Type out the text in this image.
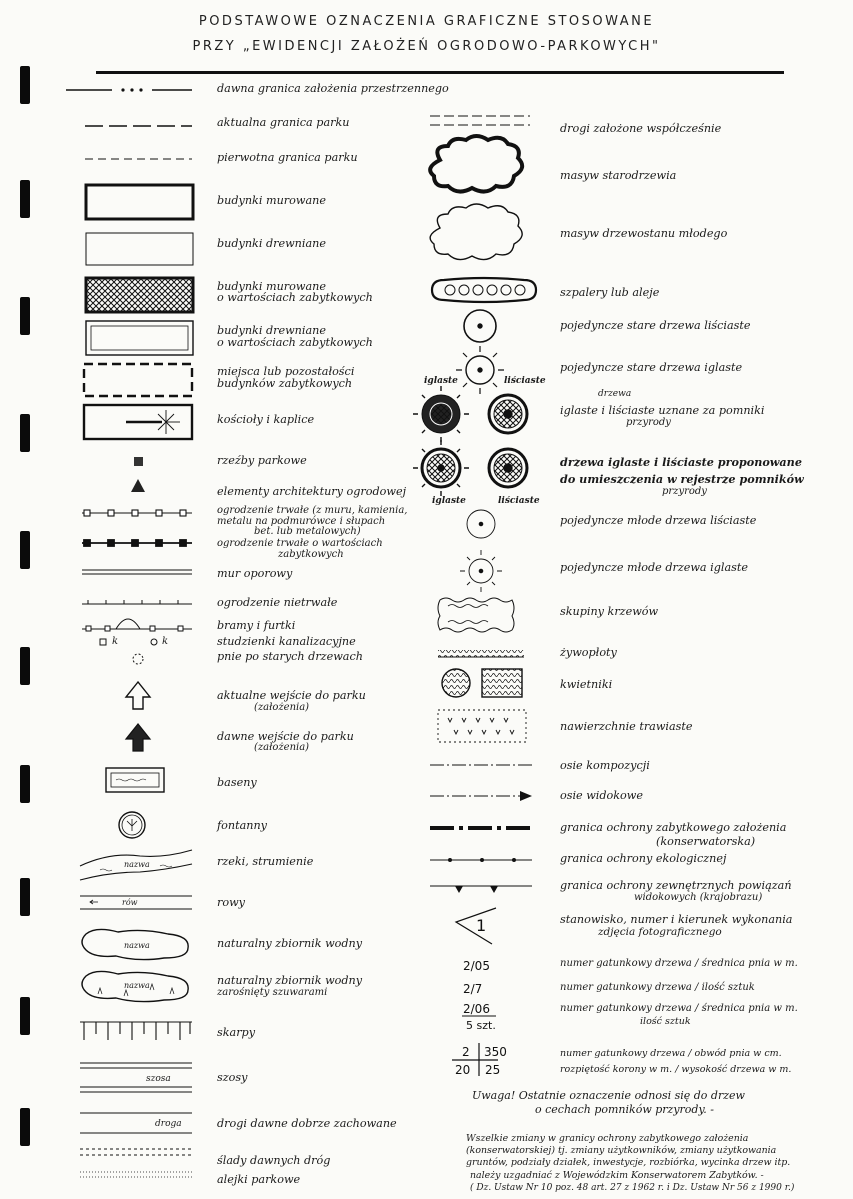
PODSTAWOWE OZNACZENIA GRAFICZNE STOSOWANE
PRZY „EWIDENCJI ZAŁOŻEŃ OGRODOWO-PARKOWYCH"
szosa
droga
nazwa
rów
nazwa
nazwa
k	k
dawna granica założenia przestrzennego
aktualna granica parku
pierwotna granica parku
budynki murowane
budynki drewniane
budynki murowane
o wartościach zabytkowych
budynki drewniane
o wartościach zabytkowych
miejsca lub pozostałości
budynków zabytkowych
kościoły i kaplice
rzeźby parkowe
elementy architektury ogrodowej
ogrodzenie trwałe (z muru, kamienia,
metalu na podmurówce i słupach
bet. lub metalowych)
ogrodzenie trwałe o wartościach
zabytkowych
mur oporowy
ogrodzenie nietrwałe
bramy i furtki
studzienki kanalizacyjne
pnie po starych drzewach
aktualne wejście do parku
(założenia)
dawne wejście do parku
(założenia)
baseny
fontanny
rzeki, strumienie
rowy
naturalny zbiornik wodny
naturalny zbiornik wodny
zarośnięty szuwarami
skarpy
szosy
drogi dawne dobrze zachowane
ślady dawnych dróg
alejki parkowe
iglaste	liściaste
iglaste	liściaste
1
2/05
2/7
2/06
5 szt.
2 350
20 25
drogi założone współcześnie
masyw starodrzewia
masyw drzewostanu młodego
szpalery lub aleje
pojedyncze stare drzewa liściaste
pojedyncze stare drzewa iglaste
drzewa
iglaste i liściaste uznane za pomniki
przyrody
drzewa iglaste i liściaste proponowane
do umieszczenia w rejestrze pomników
przyrody
pojedyncze młode drzewa liściaste
pojedyncze młode drzewa iglaste
skupiny krzewów
żywopłoty
kwietniki
nawierzchnie trawiaste
osie kompozycji
osie widokowe
granica ochrony zabytkowego założenia
(konserwatorska)
granica ochrony ekologicznej
granica ochrony zewnętrznych powiązań
widokowych (krajobrazu)
stanowisko, numer i kierunek wykonania
zdjęcia fotograficznego
numer gatunkowy drzewa / średnica pnia w m.
numer gatunkowy drzewa / ilość sztuk
numer gatunkowy drzewa / średnica pnia w m.
ilość sztuk
numer gatunkowy drzewa / obwód pnia w cm.
rozpiętość korony w m. / wysokość drzewa w m.
Uwaga! Ostatnie oznaczenie odnosi się do drzew
o cechach pomników przyrody. -
Wszelkie zmiany w granicy ochrony zabytkowego założenia
(konserwatorskiej) tj. zmiany użytkowników, zmiany użytkowania
gruntów, podziały działek, inwestycje, rozbiórka, wycinka drzew itp.
należy uzgadniać z Wojewódzkim Konserwatorem Zabytków. -
( Dz. Ustaw Nr 10 poz. 48 art. 27 z 1962 r. i Dz. Ustaw Nr 56 z 1990 r.)
